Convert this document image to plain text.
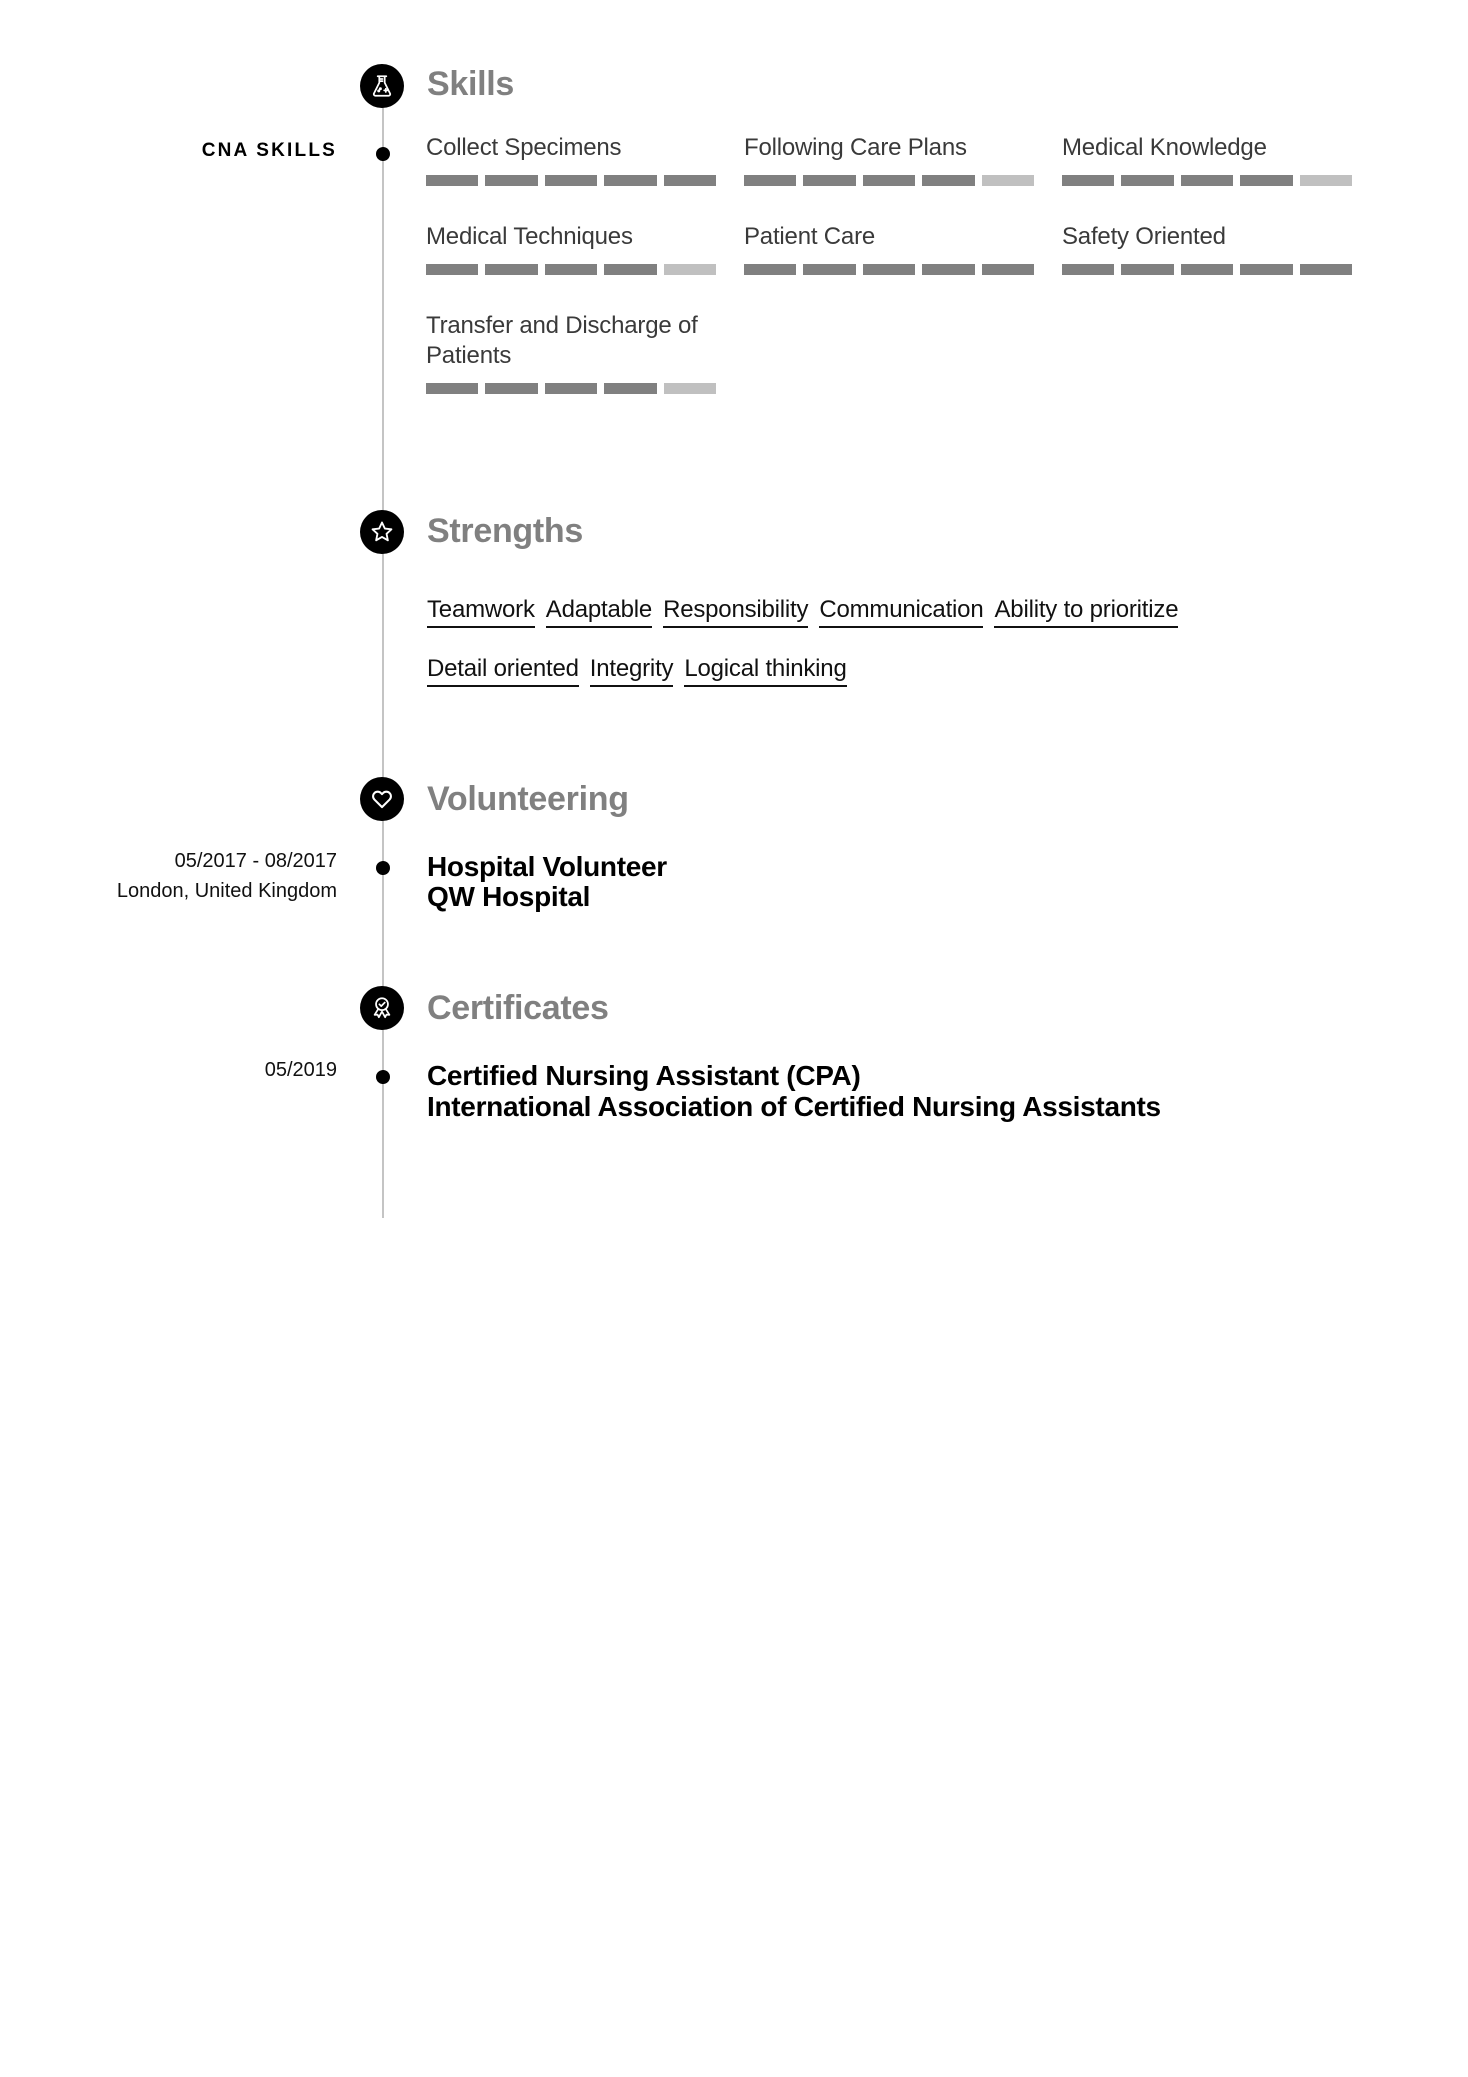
Skills
CNA SKILLS	Collect Specimens	Following Care Plans	Medical Knowledge
Medical Techniques	Patient Care	Safety Oriented
Transfer and Discharge of Patients
Strengths
Teamwork Adaptable Responsibility Communication Ability to prioritize
Detail oriented Integrity Logical thinking
Volunteering
05/2017 - 08/2017
London, United Kingdom
Hospital Volunteer
QW Hospital
Certificates
05/2019	Certified Nursing Assistant (CPA)
International Association of Certified Nursing Assistants
